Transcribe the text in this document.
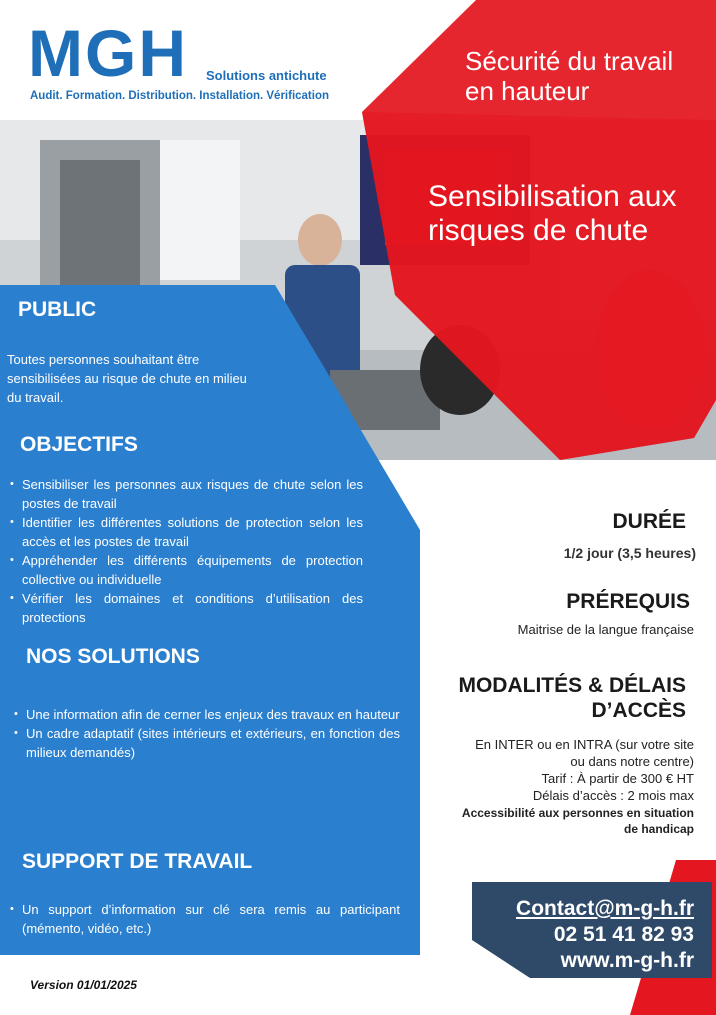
MGH Solutions antichute
Audit. Formation. Distribution. Installation. Vérification
Sécurité du travail en hauteur
Sensibilisation aux risques de chute
PUBLIC
Toutes personnes souhaitant être sensibilisées au risque de chute en milieu du travail.
OBJECTIFS
• Sensibiliser les personnes aux risques de chute selon les postes de travail
• Identifier les différentes solutions de protection selon les accès et les postes de travail
• Appréhender les différents équipements de protection collective ou individuelle
• Vérifier les domaines et conditions d’utilisation des protections
NOS SOLUTIONS
• Une information afin de cerner les enjeux des travaux en hauteur
• Un cadre adaptatif (sites intérieurs et extérieurs, en fonction des milieux demandés)
SUPPORT DE TRAVAIL
• Un support d’information sur clé sera remis au participant (mémento, vidéo, etc.)
DURÉE
1/2 jour (3,5 heures)
PRÉREQUIS
Maitrise de la langue française
MODALITÉS & DÉLAIS
D’ACCÈS
En INTER ou en INTRA (sur votre site
ou dans notre centre)
Tarif : À partir de 300 € HT
Délais d’accès : 2 mois max
Accessibilité aux personnes en situation
de handicap
Contact@m-g-h.fr
02 51 41 82 93
www.m-g-h.fr
Version 01/01/2025
